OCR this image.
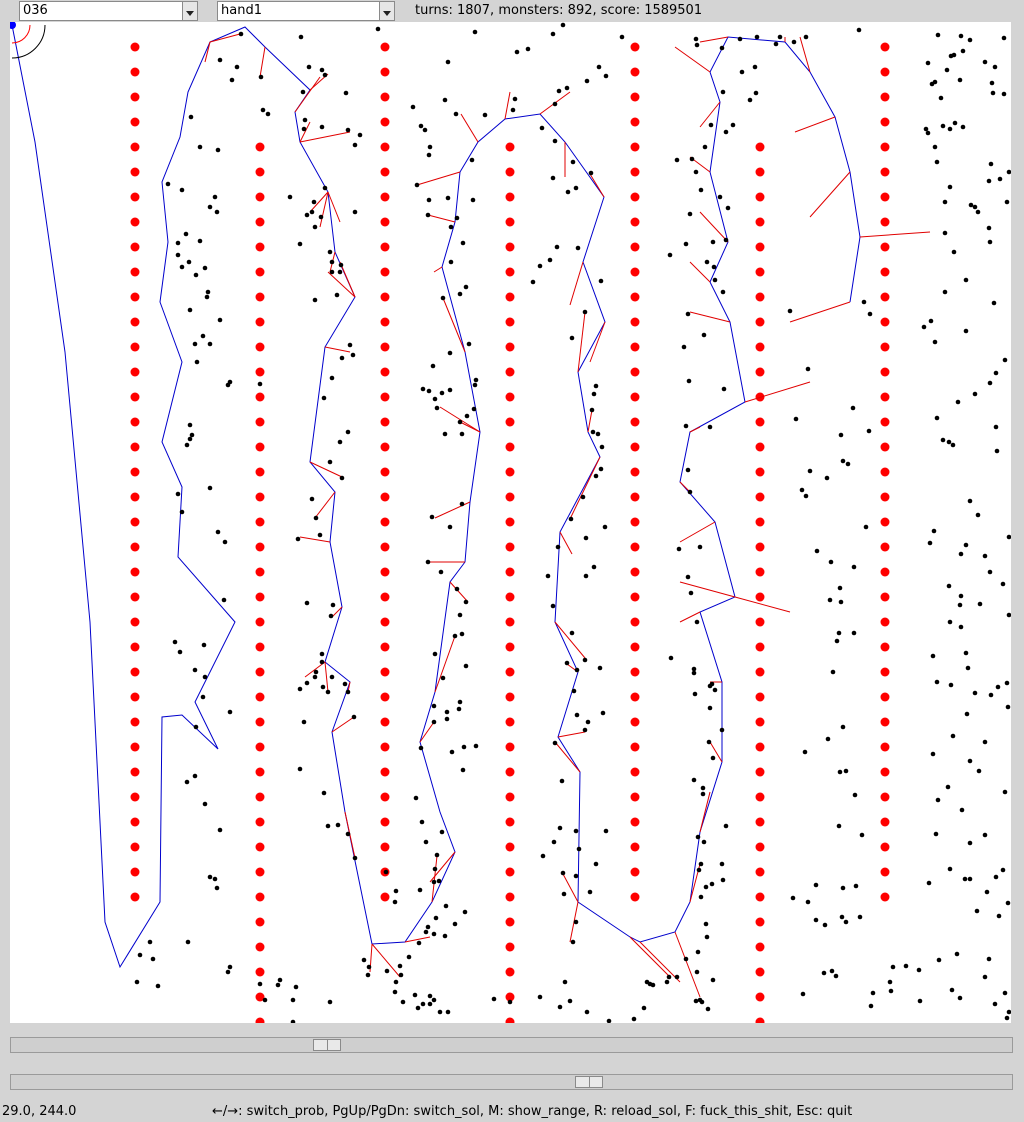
036	hand1	turns: 1807, monsters: 892, score: 1589501
29.0, 244.0	←/→: switch_prob, PgUp/PgDn: switch_sol, M: show_range, R: reload_sol, F: fuck_this_shit, Esc: quit
